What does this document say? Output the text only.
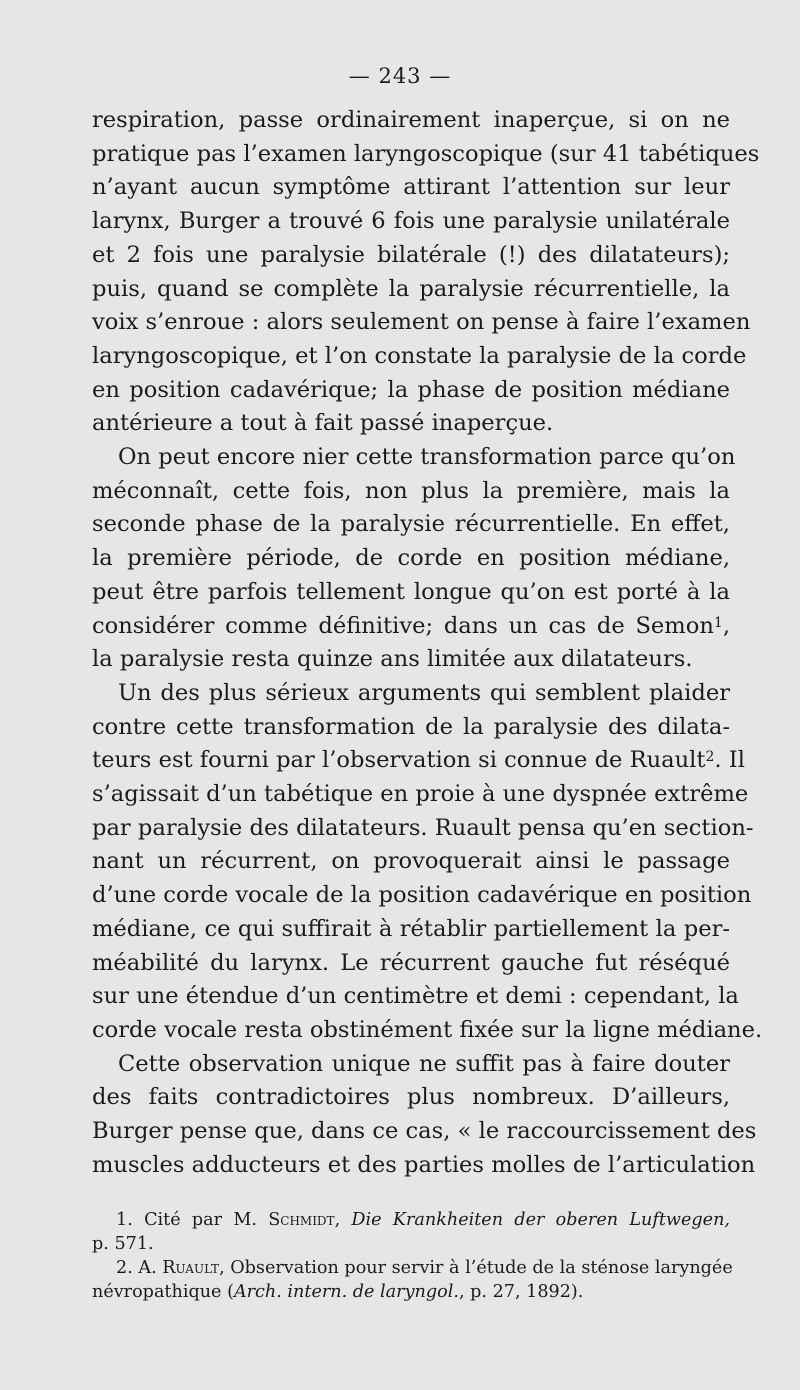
— 243 —
respiration, passe ordinairement inaperçue, si on ne
pratique pas l’examen laryngoscopique (sur 41 tabétiques
n’ayant aucun symptôme attirant l’attention sur leur
larynx, Burger a trouvé 6 fois une paralysie unilatérale
et 2 fois une paralysie bilatérale (!) des dilatateurs);
puis, quand se complète la paralysie récurrentielle, la
voix s’enroue : alors seulement on pense à faire l’examen
laryngoscopique, et l’on constate la paralysie de la corde
en position cadavérique; la phase de position médiane
antérieure a tout à fait passé inaperçue.
On peut encore nier cette transformation parce qu’on
méconnaît, cette fois, non plus la première, mais la
seconde phase de la paralysie récurrentielle. En effet,
la première période, de corde en position médiane,
peut être parfois tellement longue qu’on est porté à la
considérer comme définitive; dans un cas de Semon$^1$,
la paralysie resta quinze ans limitée aux dilatateurs.
Un des plus sérieux arguments qui semblent plaider
contre cette transformation de la paralysie des dilata-
teurs est fourni par l’observation si connue de Ruault$^2$. Il
s’agissait d’un tabétique en proie à une dyspnée extrême
par paralysie des dilatateurs. Ruault pensa qu’en section-
nant un récurrent, on provoquerait ainsi le passage
d’une corde vocale de la position cadavérique en position
médiane, ce qui suffirait à rétablir partiellement la per-
méabilité du larynx. Le récurrent gauche fut réséqué
sur une étendue d’un centimètre et demi : cependant, la
corde vocale resta obstinément fixée sur la ligne médiane.
Cette observation unique ne suffit pas à faire douter
des faits contradictoires plus nombreux. D’ailleurs,
Burger pense que, dans ce cas, « le raccourcissement des
muscles adducteurs et des parties molles de l’articulation
1. Cité par M. Schmidt, Die Krankheiten der oberen Luftwegen,
p. 571.
2. A. Ruault, Observation pour servir à l’étude de la sténose laryngée
névropathique (Arch. intern. de laryngol., p. 27, 1892).
